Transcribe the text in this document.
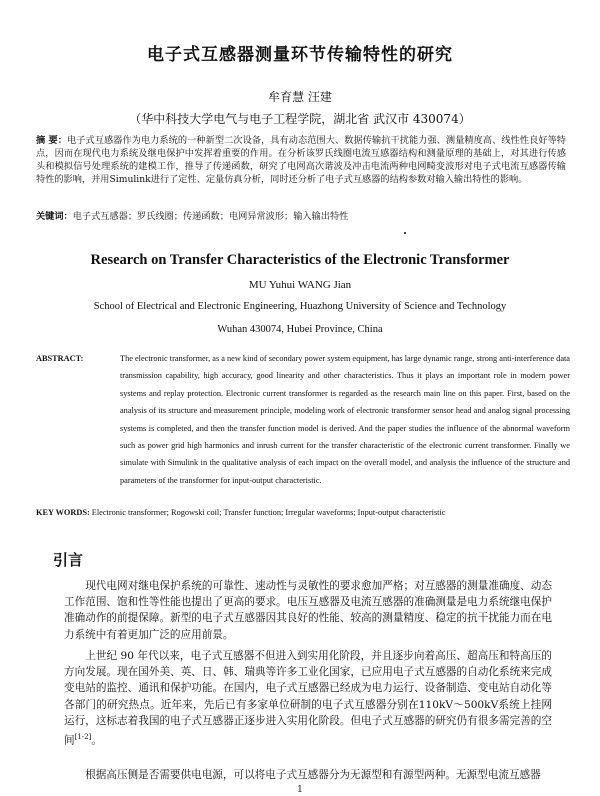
电子式互感器测量环节传输特性的研究
牟育慧 汪建
（华中科技大学电气与电子工程学院，湖北省 武汉市 430074）
摘 要：电子式互感器作为电力系统的一种新型二次设备，具有动态范围大、数据传输抗干扰能力强、测量精度高、线性性良好等特点，因而在现代电力系统及继电保护中发挥着重要的作用。在分析该罗氏线圈电流互感器结构和测量原理的基础上，对其进行传感头和模拟信号处理系统的建模工作，推导了传递函数，研究了电网高次谐波及冲击电流两种电网畸变波形对电子式电流互感器传输特性的影响，并用Simulink进行了定性、定量仿真分析，同时还分析了电子式互感器的结构参数对输入输出特性的影响。
关键词：电子式互感器；罗氏线圈；传递函数；电网异常波形；输入输出特性
Research on Transfer Characteristics of the Electronic Transformer
MU Yuhui WANG Jian
School of Electrical and Electronic Engineering, Huazhong University of Science and Technology
Wuhan 430074, Hubei Province, China
ABSTRACT:	The electronic transformer, as a new kind of secondary power system equipment, has large dynamic range, strong anti-interference data transmission capability, high accuracy, good linearity and other characteristics. Thus it plays an important role in modern power systems and replay protection. Electronic current transformer is regarded as the research main line on this paper. First, based on the analysis of its structure and measurement principle, modeling work of electronic transformer sensor head and analog signal processing systems is completed, and then the transfer function model is derived. And the paper studies the influence of the abnormal waveform such as power grid high harmonics and inrush current for the transfer characteristic of the electronic current transformer. Finally we simulate with Simulink in the qualitative analysis of each impact on the overall model, and analysis the influence of the structure and parameters of the transformer for input-output characteristic.
KEY WORDS: Electronic transformer; Rogowski coil; Transfer function; Irregular waveforms; Input-output characteristic
引言
现代电网对继电保护系统的可靠性、速动性与灵敏性的要求愈加严格；对互感器的测量准确度、动态工作范围、饱和性等性能也提出了更高的要求。电压互感器及电流互感器的准确测量是电力系统继电保护准确动作的前提保障。新型的电子式互感器因其良好的性能、较高的测量精度、稳定的抗干扰能力而在电力系统中有着更加广泛的应用前景。
上世纪 90 年代以来，电子式互感器不但进入到实用化阶段，并且逐步向着高压、超高压和特高压的方向发展。现在国外美、英、日、韩、瑞典等许多工业化国家，已应用电子式互感器的自动化系统来完成变电站的监控、通讯和保护功能。在国内，电子式互感器已经成为电力运行、设备制造、变电站自动化等各部门的研究热点。近年来，先后已有多家单位研制的电子式互感器分别在110kV～500kV系统上挂网运行，这标志着我国的电子式互感器正逐步进入实用化阶段。但电子式互感器的研究仍有很多需完善的空间[1-2]。
根据高压侧是否需要供电电源，可以将电子式互感器分为无源型和有源型两种。无源型电流互感器
1
